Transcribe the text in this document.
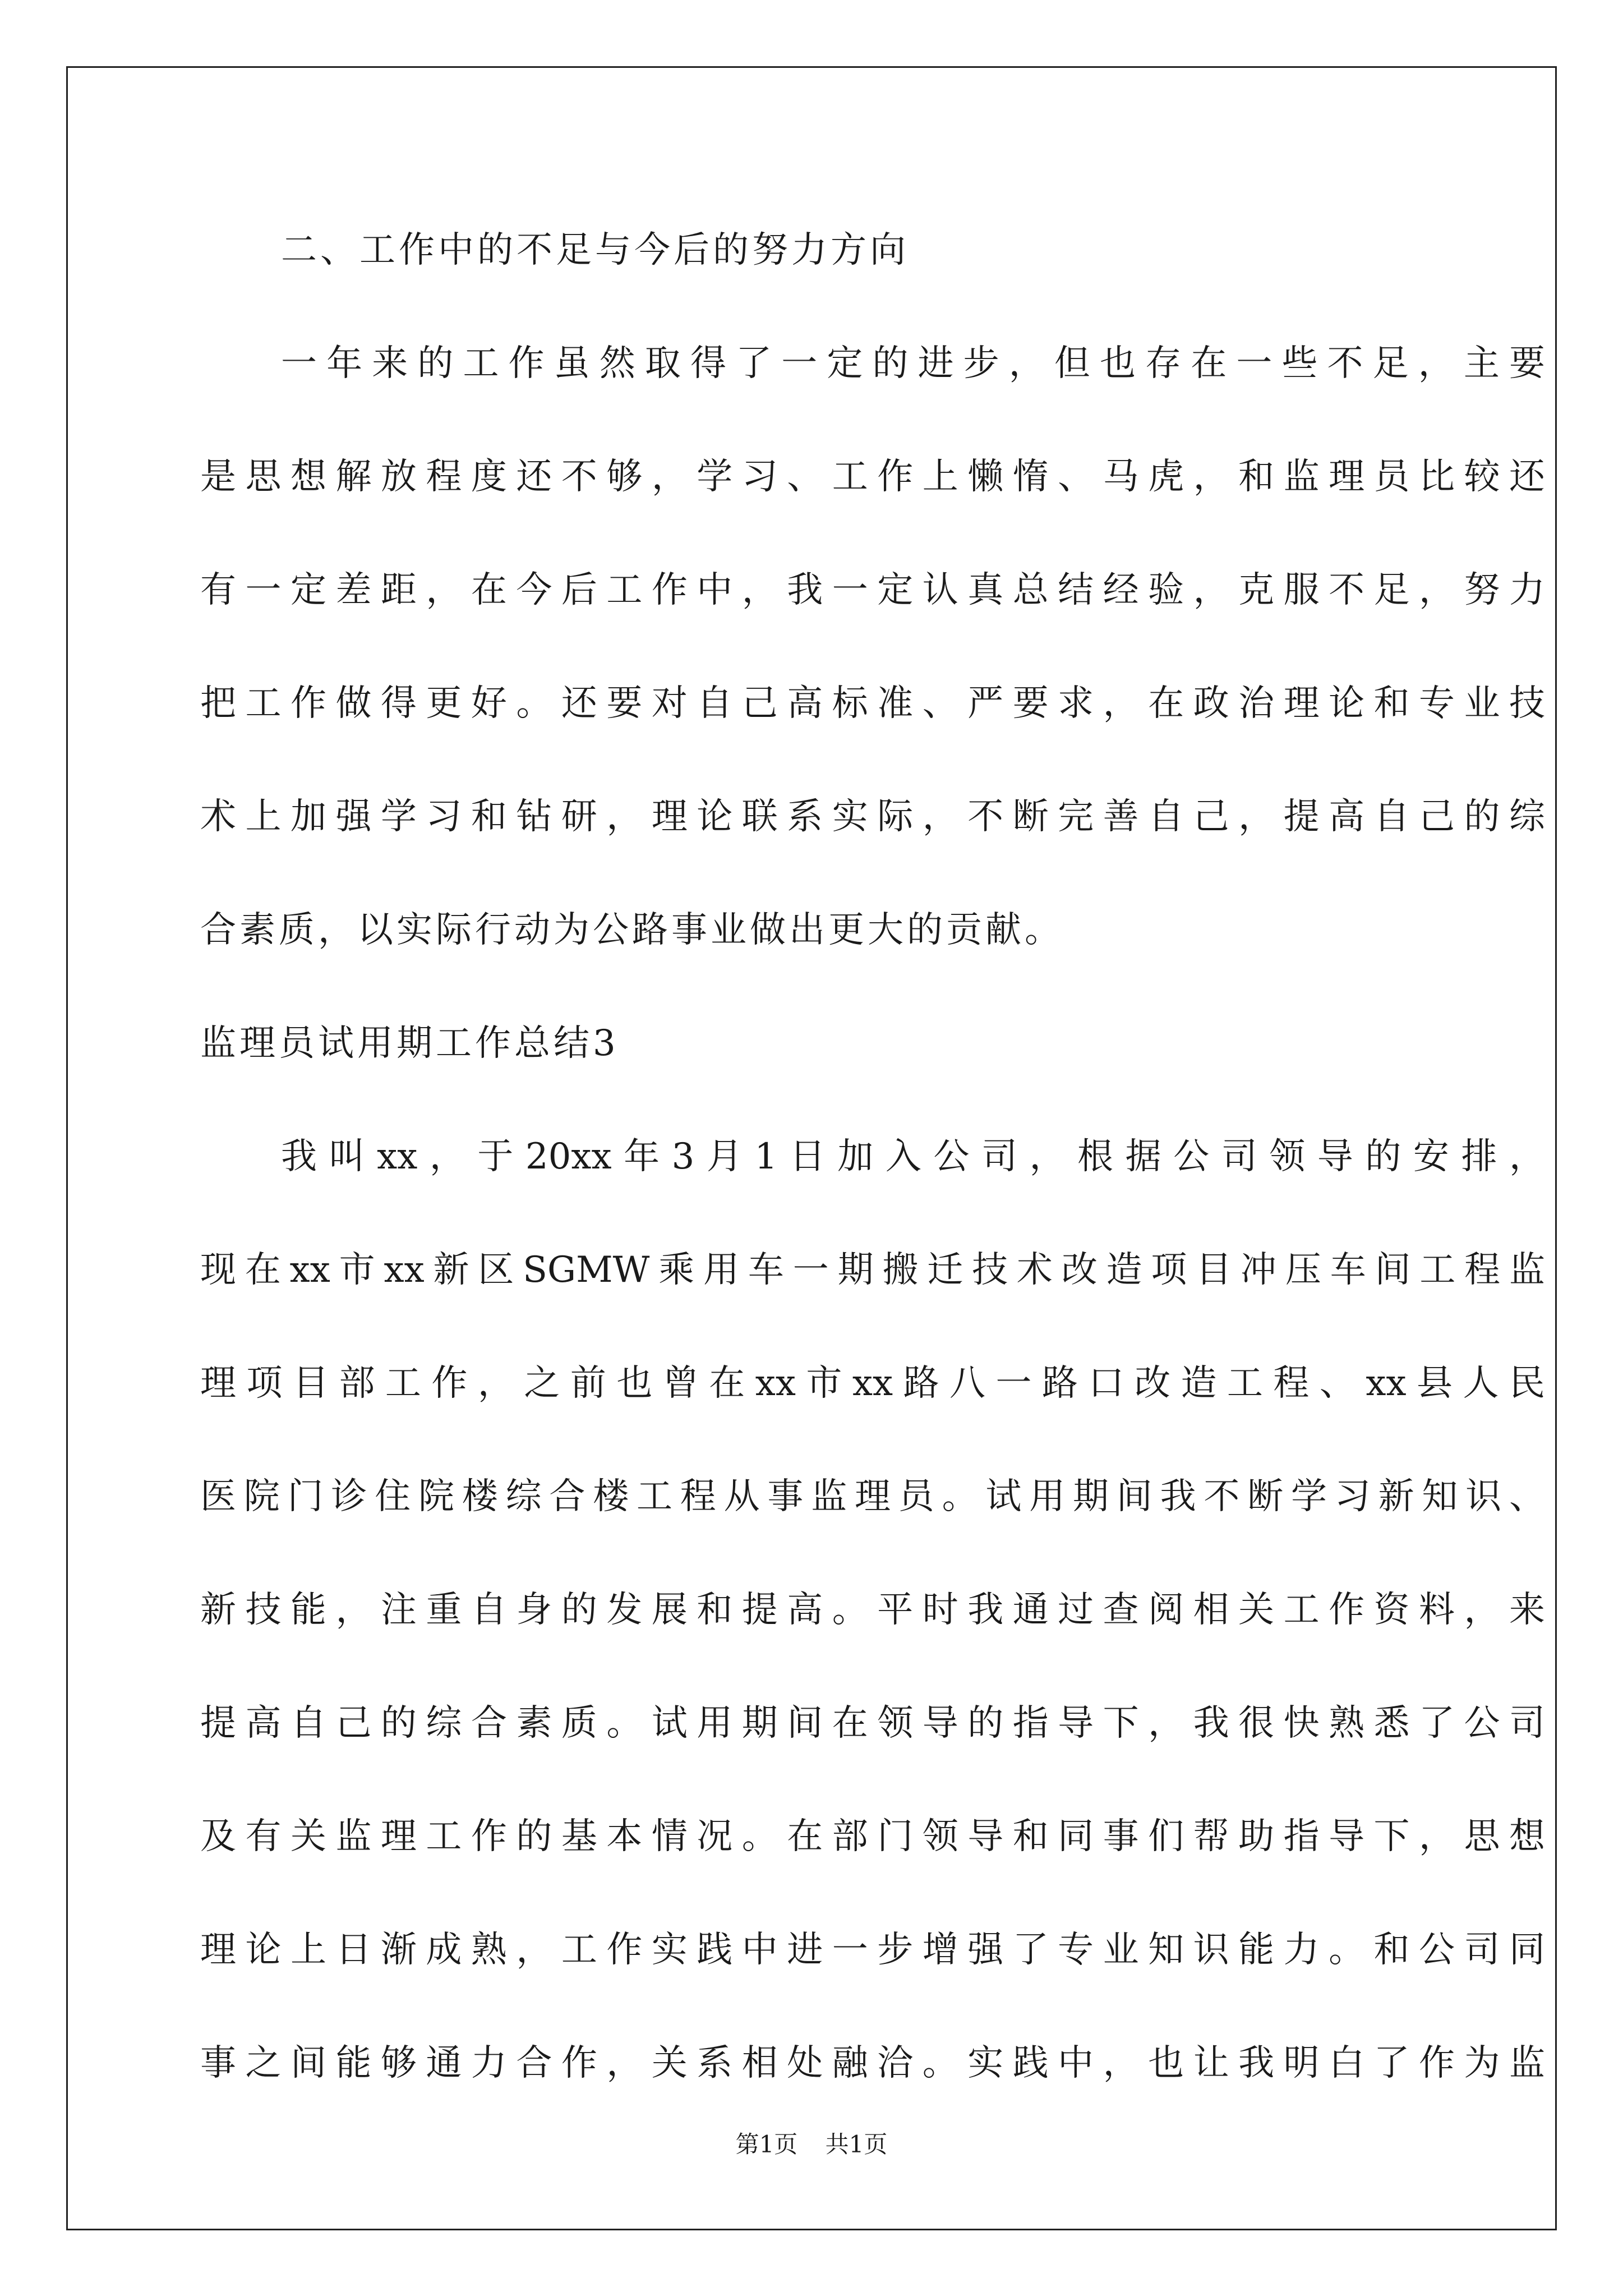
二、工作中的不足与今后的努力方向
一年来的工作虽然取得了一定的进步，但也存在一些不足，主要
是思想解放程度还不够，学习、工作上懒惰、马虎，和监理员比较还
有一定差距，在今后工作中，我一定认真总结经验，克服不足，努力
把工作做得更好。还要对自己高标准、严要求，在政治理论和专业技
术上加强学习和钻研，理论联系实际，不断完善自己，提高自己的综
合素质，以实际行动为公路事业做出更大的贡献。
监理员试用期工作总结3
我叫xx，于20xx年3月1日加入公司，根据公司领导的安排，
现在xx市xx新区SGMW乘用车一期搬迁技术改造项目冲压车间工程监
理项目部工作，之前也曾在xx市xx路八一路口改造工程、xx县人民
医院门诊住院楼综合楼工程从事监理员。试用期间我不断学习新知识、
新技能，注重自身的发展和提高。平时我通过查阅相关工作资料，来
提高自己的综合素质。试用期间在领导的指导下，我很快熟悉了公司
及有关监理工作的基本情况。在部门领导和同事们帮助指导下，思想
理论上日渐成熟，工作实践中进一步增强了专业知识能力。和公司同
事之间能够通力合作，关系相处融洽。实践中，也让我明白了作为监
第1页 共1页
